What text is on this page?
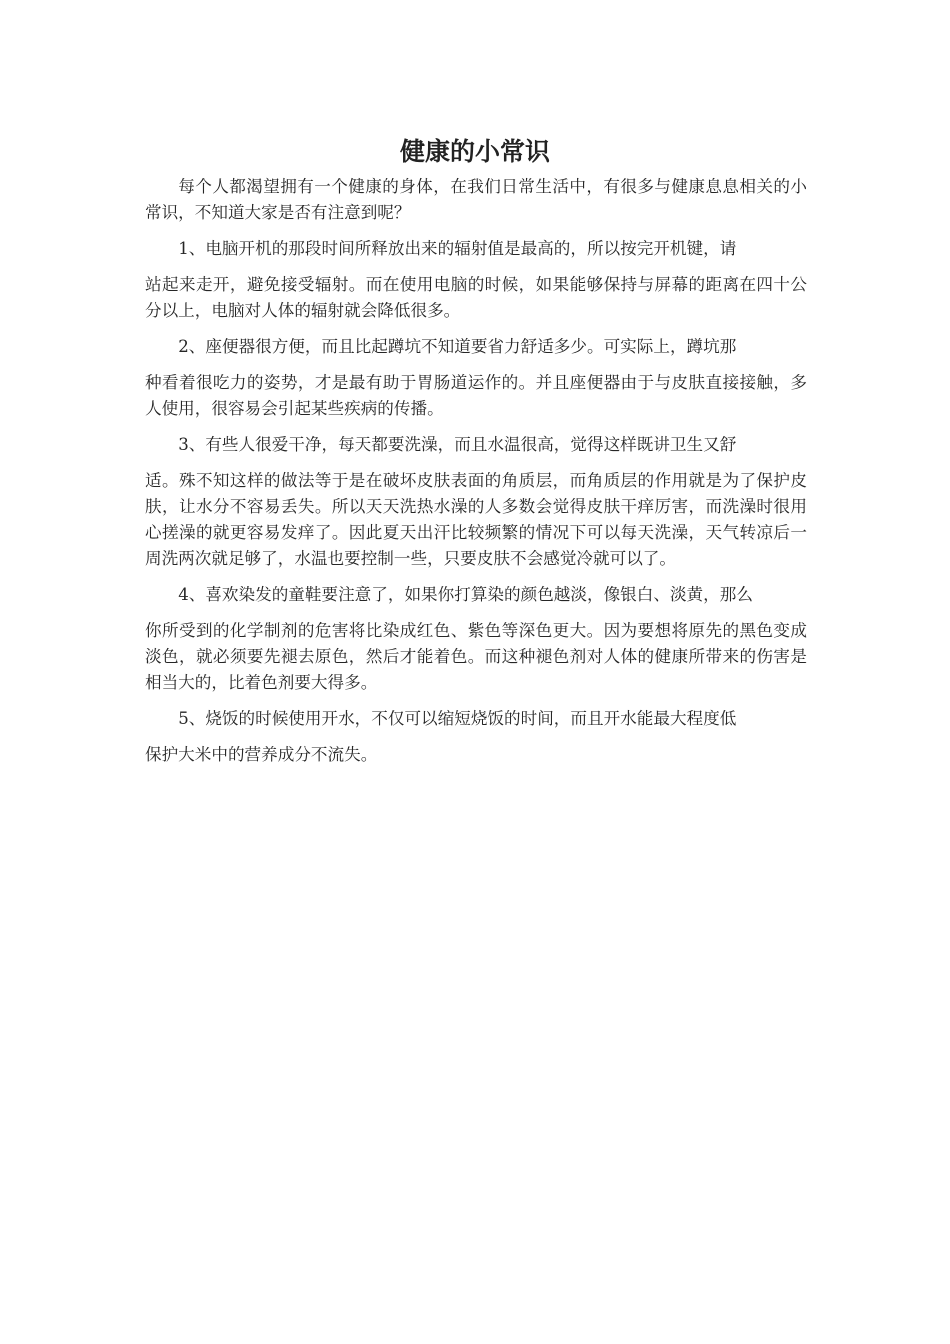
健康的小常识

每个人都渴望拥有一个健康的身体，在我们日常生活中，有很多与健康息息相关的小常识，不知道大家是否有注意到呢？

1、电脑开机的那段时间所释放出来的辐射值是最高的，所以按完开机键，请
站起来走开，避免接受辐射。而在使用电脑的时候，如果能够保持与屏幕的距离在四十公分以上，电脑对人体的辐射就会降低很多。

2、座便器很方便，而且比起蹲坑不知道要省力舒适多少。可实际上，蹲坑那
种看着很吃力的姿势，才是最有助于胃肠道运作的。并且座便器由于与皮肤直接接触，多人使用，很容易会引起某些疾病的传播。

3、有些人很爱干净，每天都要洗澡，而且水温很高，觉得这样既讲卫生又舒
适。殊不知这样的做法等于是在破坏皮肤表面的角质层，而角质层的作用就是为了保护皮肤，让水分不容易丢失。所以天天洗热水澡的人多数会觉得皮肤干痒厉害，而洗澡时很用心搓澡的就更容易发痒了。因此夏天出汗比较频繁的情况下可以每天洗澡，天气转凉后一周洗两次就足够了，水温也要控制一些，只要皮肤不会感觉冷就可以了。

4、喜欢染发的童鞋要注意了，如果你打算染的颜色越淡，像银白、淡黄，那么
你所受到的化学制剂的危害将比染成红色、紫色等深色更大。因为要想将原先的黑色变成淡色，就必须要先褪去原色，然后才能着色。而这种褪色剂对人体的健康所带来的伤害是相当大的，比着色剂要大得多。

5、烧饭的时候使用开水，不仅可以缩短烧饭的时间，而且开水能最大程度低
保护大米中的营养成分不流失。
